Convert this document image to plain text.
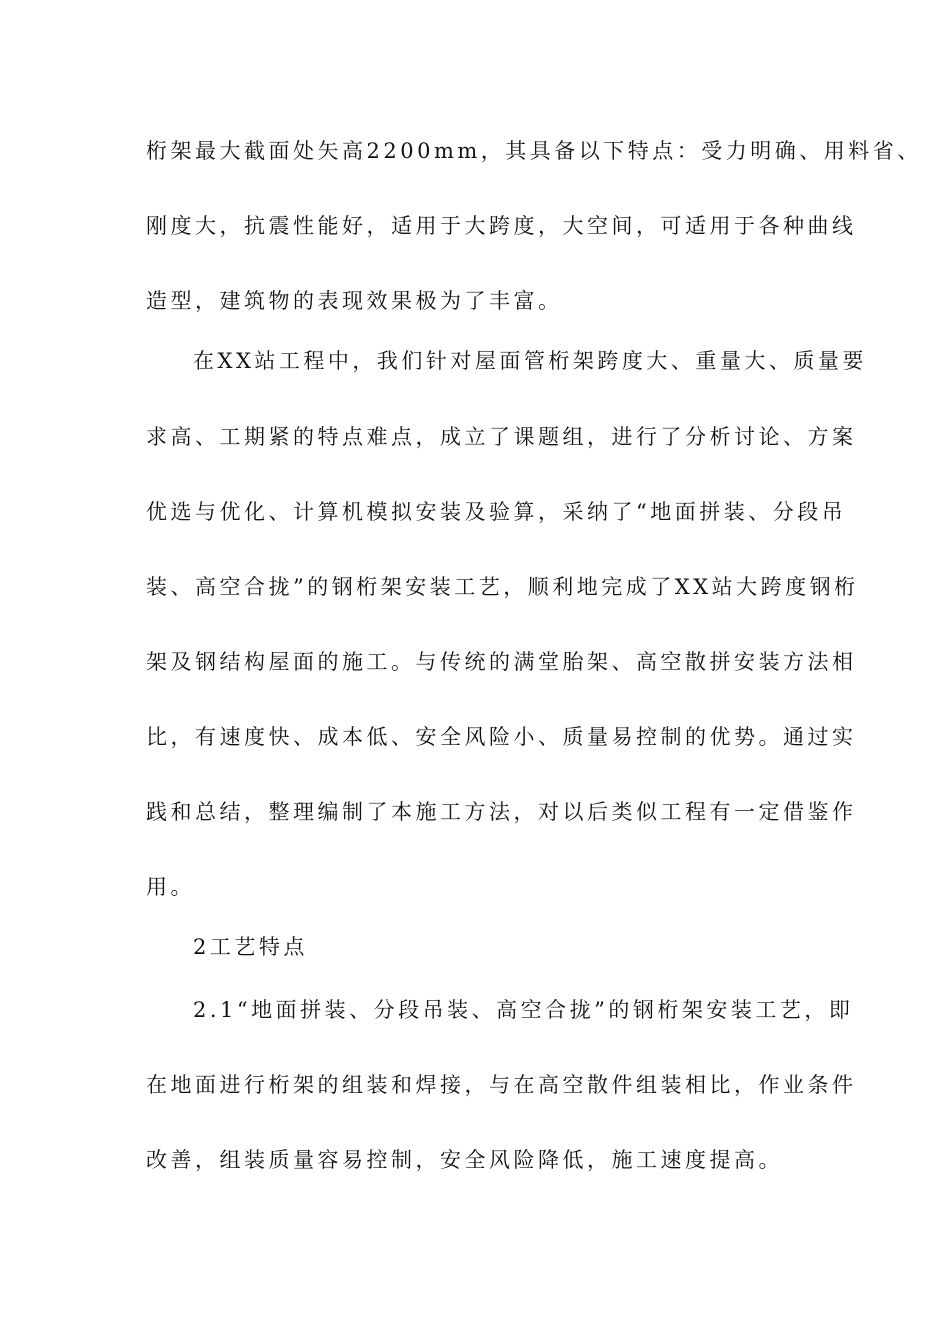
桁架最大截面处矢高2200mm，其具备以下特点：受力明确、用料省、
刚度大，抗震性能好，适用于大跨度，大空间，可适用于各种曲线
造型，建筑物的表现效果极为了丰富。
在XX站工程中，我们针对屋面管桁架跨度大、重量大、质量要
求高、工期紧的特点难点，成立了课题组，进行了分析讨论、方案
优选与优化、计算机模拟安装及验算，采纳了“地面拼装、分段吊
装、高空合拢”的钢桁架安装工艺，顺利地完成了XX站大跨度钢桁
架及钢结构屋面的施工。与传统的满堂胎架、高空散拼安装方法相
比，有速度快、成本低、安全风险小、质量易控制的优势。通过实
践和总结，整理编制了本施工方法，对以后类似工程有一定借鉴作
用。
2工艺特点
2.1“地面拼装、分段吊装、高空合拢”的钢桁架安装工艺，即
在地面进行桁架的组装和焊接，与在高空散件组装相比，作业条件
改善，组装质量容易控制，安全风险降低，施工速度提高。
